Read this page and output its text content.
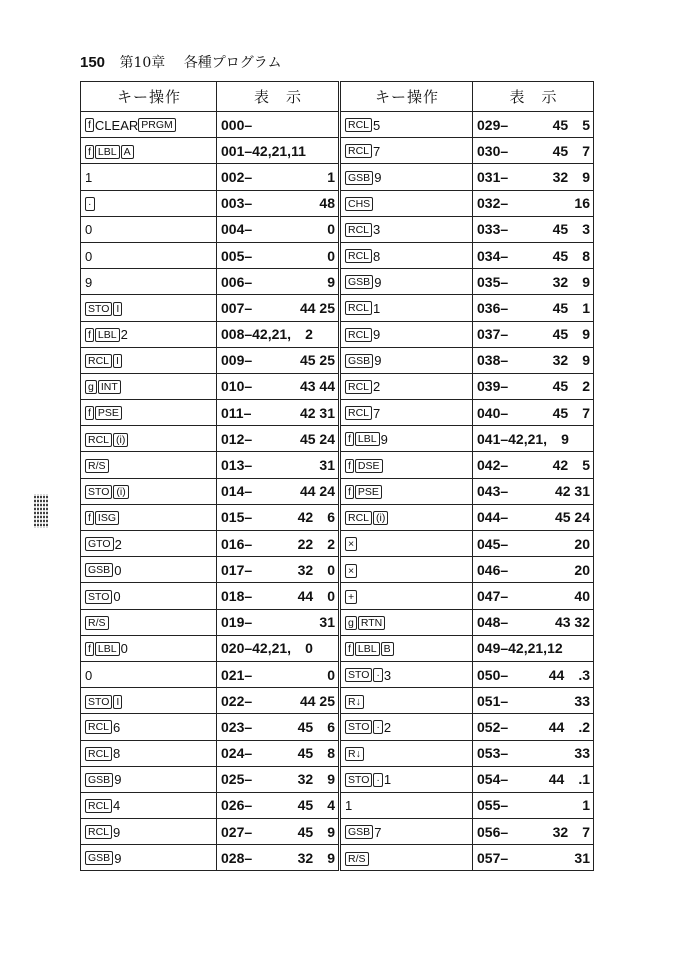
150 第10章 各種プログラム
キー操作	表　示	キー操作	表　示
f CLEAR PRGM	000–	RCL 5	029– 45　5

f LBL A	001–42,21,11	RCL 7	030– 45　7

1	002– 1	GSB 9	031– 32　9

·	003– 48	CHS	032– 16

0	004– 0	RCL 3	033– 45　3

0	005– 0	RCL 8	034– 45　8

9	006– 9	GSB 9	035– 32　9

STO I	007– 44 25	RCL 1	036– 45　1

f LBL 2	008–42,21,　2	RCL 9	037– 45　9

RCL I	009– 45 25	GSB 9	038– 32　9

g INT	010– 43 44	RCL 2	039– 45　2

f PSE	011– 42 31	RCL 7	040– 45　7

RCL (i)	012– 45 24	f LBL 9	041–42,21,　9

R/S	013– 31	f DSE	042– 42　5

STO (i)	014– 44 24	f PSE	043– 42 31

f ISG	015– 42　6	RCL (i)	044– 45 24

GTO 2	016– 22　2	×	045– 20

GSB 0	017– 32　0	×	046– 20

STO 0	018– 44　0	+	047– 40

R/S	019– 31	g RTN	048– 43 32

f LBL 0	020–42,21,　0	f LBL B	049–42,21,12

0	021– 0	STO · 3	050– 44　.3

STO I	022– 44 25	R↓	051– 33

RCL 6	023– 45　6	STO · 2	052– 44　.2

RCL 8	024– 45　8	R↓	053– 33

GSB 9	025– 32　9	STO · 1	054– 44　.1

RCL 4	026– 45　4	1	055– 1

RCL 9	027– 45　9	GSB 7	056– 32　7

GSB 9	028– 32　9	R/S	057– 31
